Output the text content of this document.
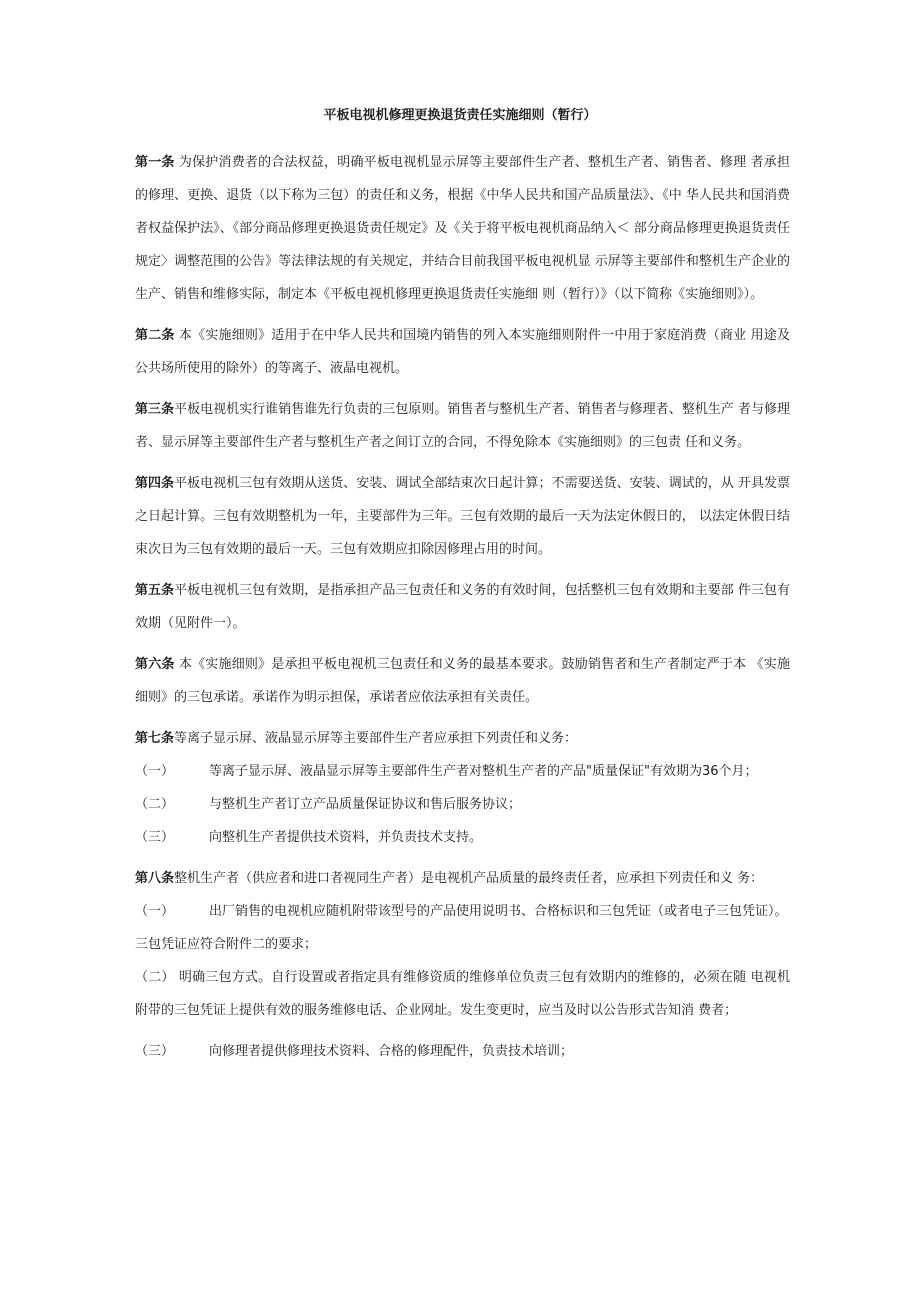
平板电视机修理更换退货责任实施细则（暂行）

第一条 为保护消费者的合法权益，明确平板电视机显示屏等主要部件生产者、整机生产者、销售者、修理 者承担的修理、更换、退货（以下称为三包）的责任和义务，根据《中华人民共和国产品质量法》、《中 华人民共和国消费者权益保护法》、《部分商品修理更换退货责任规定》及《关于将平板电视机商品纳入＜ 部分商品修理更换退货责任规定〉调整范围的公告》等法律法规的有关规定，并结合目前我国平板电视机显 示屏等主要部件和整机生产企业的生产、销售和维修实际，制定本《平板电视机修理更换退货责任实施细 则（暂行）》（以下简称《实施细则》）。

第二条 本《实施细则》适用于在中华人民共和国境内销售的列入本实施细则附件一中用于家庭消费（商业 用途及公共场所使用的除外）的等离子、液晶电视机。

第三条平板电视机实行谁销售谁先行负责的三包原则。销售者与整机生产者、销售者与修理者、整机生产 者与修理者、显示屏等主要部件生产者与整机生产者之间订立的合同，不得免除本《实施细则》的三包责 任和义务。

第四条平板电视机三包有效期从送货、安装、调试全部结束次日起计算；不需要送货、安装、调试的，从 开具发票之日起计算。三包有效期整机为一年，主要部件为三年。三包有效期的最后一天为法定休假日的， 以法定休假日结束次日为三包有效期的最后一天。三包有效期应扣除因修理占用的时间。

第五条平板电视机三包有效期，是指承担产品三包责任和义务的有效时间，包括整机三包有效期和主要部 件三包有效期（见附件一）。

第六条 本《实施细则》是承担平板电视机三包责任和义务的最基本要求。鼓励销售者和生产者制定严于本 《实施细则》的三包承诺。承诺作为明示担保，承诺者应依法承担有关责任。

第七条等离子显示屏、液晶显示屏等主要部件生产者应承担下列责任和义务：

（一）	等离子显示屏、液晶显示屏等主要部件生产者对整机生产者的产品"质量保证"有效期为36个月；
（二）	与整机生产者订立产品质量保证协议和售后服务协议；
（三）	向整机生产者提供技术资料，并负责技术支持。

第八条整机生产者（供应者和进口者视同生产者）是电视机产品质量的最终责任者，应承担下列责任和义 务：

（一）	出厂销售的电视机应随机附带该型号的产品使用说明书、合格标识和三包凭证（或者电子三包凭证）。

三包凭证应符合附件二的要求；

（二） 明确三包方式。自行设置或者指定具有维修资质的维修单位负责三包有效期内的维修的，必须在随 电视机附带的三包凭证上提供有效的服务维修电话、企业网址。发生变更时，应当及时以公告形式告知消 费者；

（三）	向修理者提供修理技术资料、合格的修理配件，负责技术培训；
